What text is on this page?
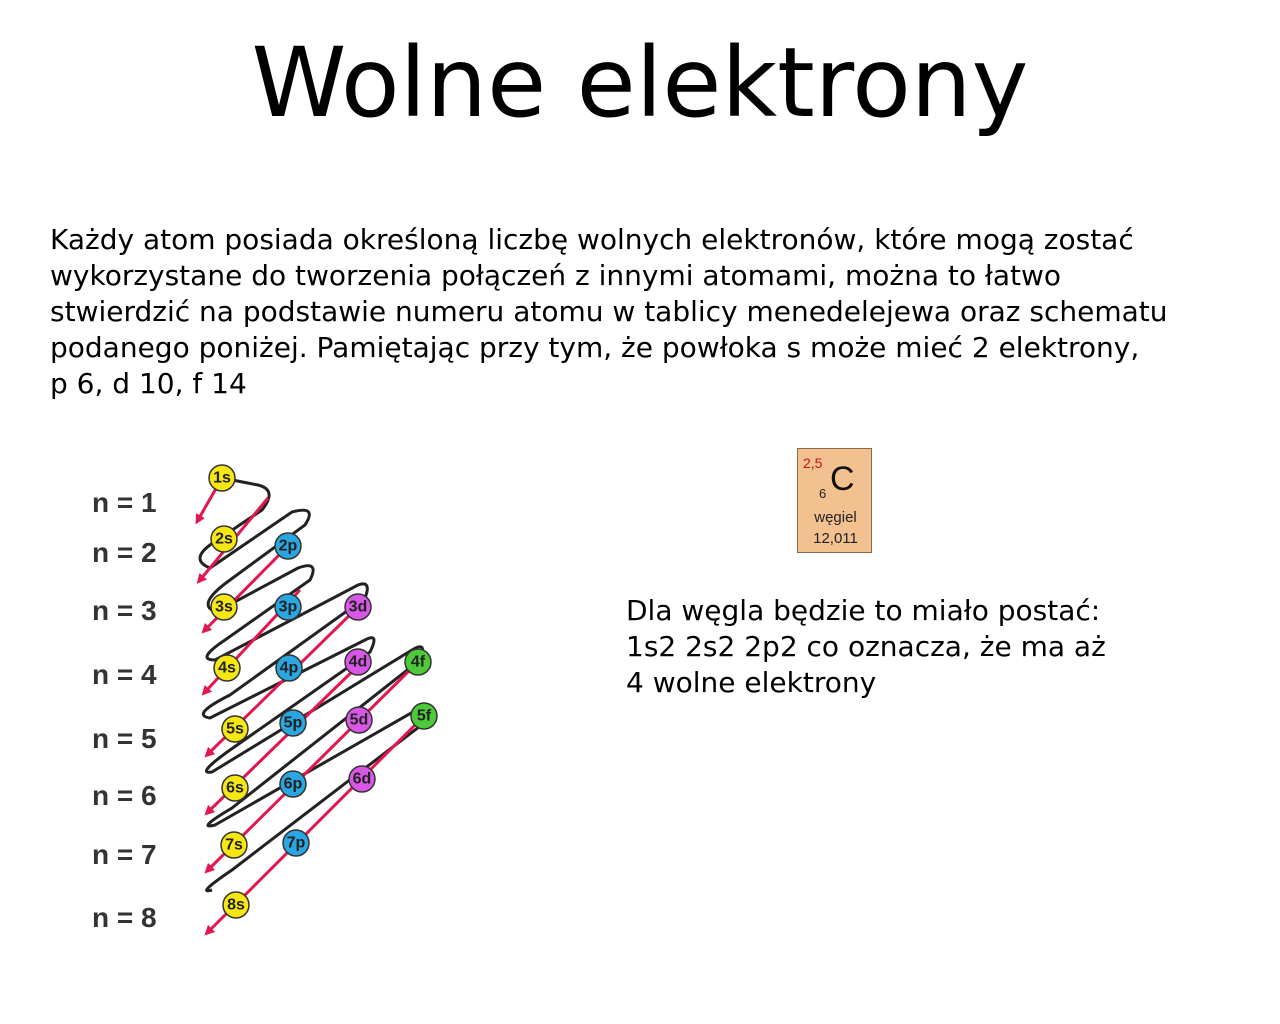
Wolne elektrony
Każdy atom posiada określoną liczbę wolnych elektronów, które mogą zostać
wykorzystane do tworzenia połączeń z innymi atomami, można to łatwo
stwierdzić na podstawie numeru atomu w tablicy menedelejewa oraz schematu
podanego poniżej. Pamiętając przy tym, że powłoka s może mieć 2 elektrony,
p 6, d 10, f 14
n = 1
n = 2
n = 3
n = 4
n = 5
n = 6
n = 7
n = 8
1s
2s
3s
4s
5s
6s
7s
8s
2p
3p
4p
5p
6p
7p
3d
4d
5d
6d
4f
5f
2,5
6 C
węgiel
12,011
Dla węgla będzie to miało postać:
1s2 2s2 2p2 co oznacza, że ma aż
4 wolne elektrony
